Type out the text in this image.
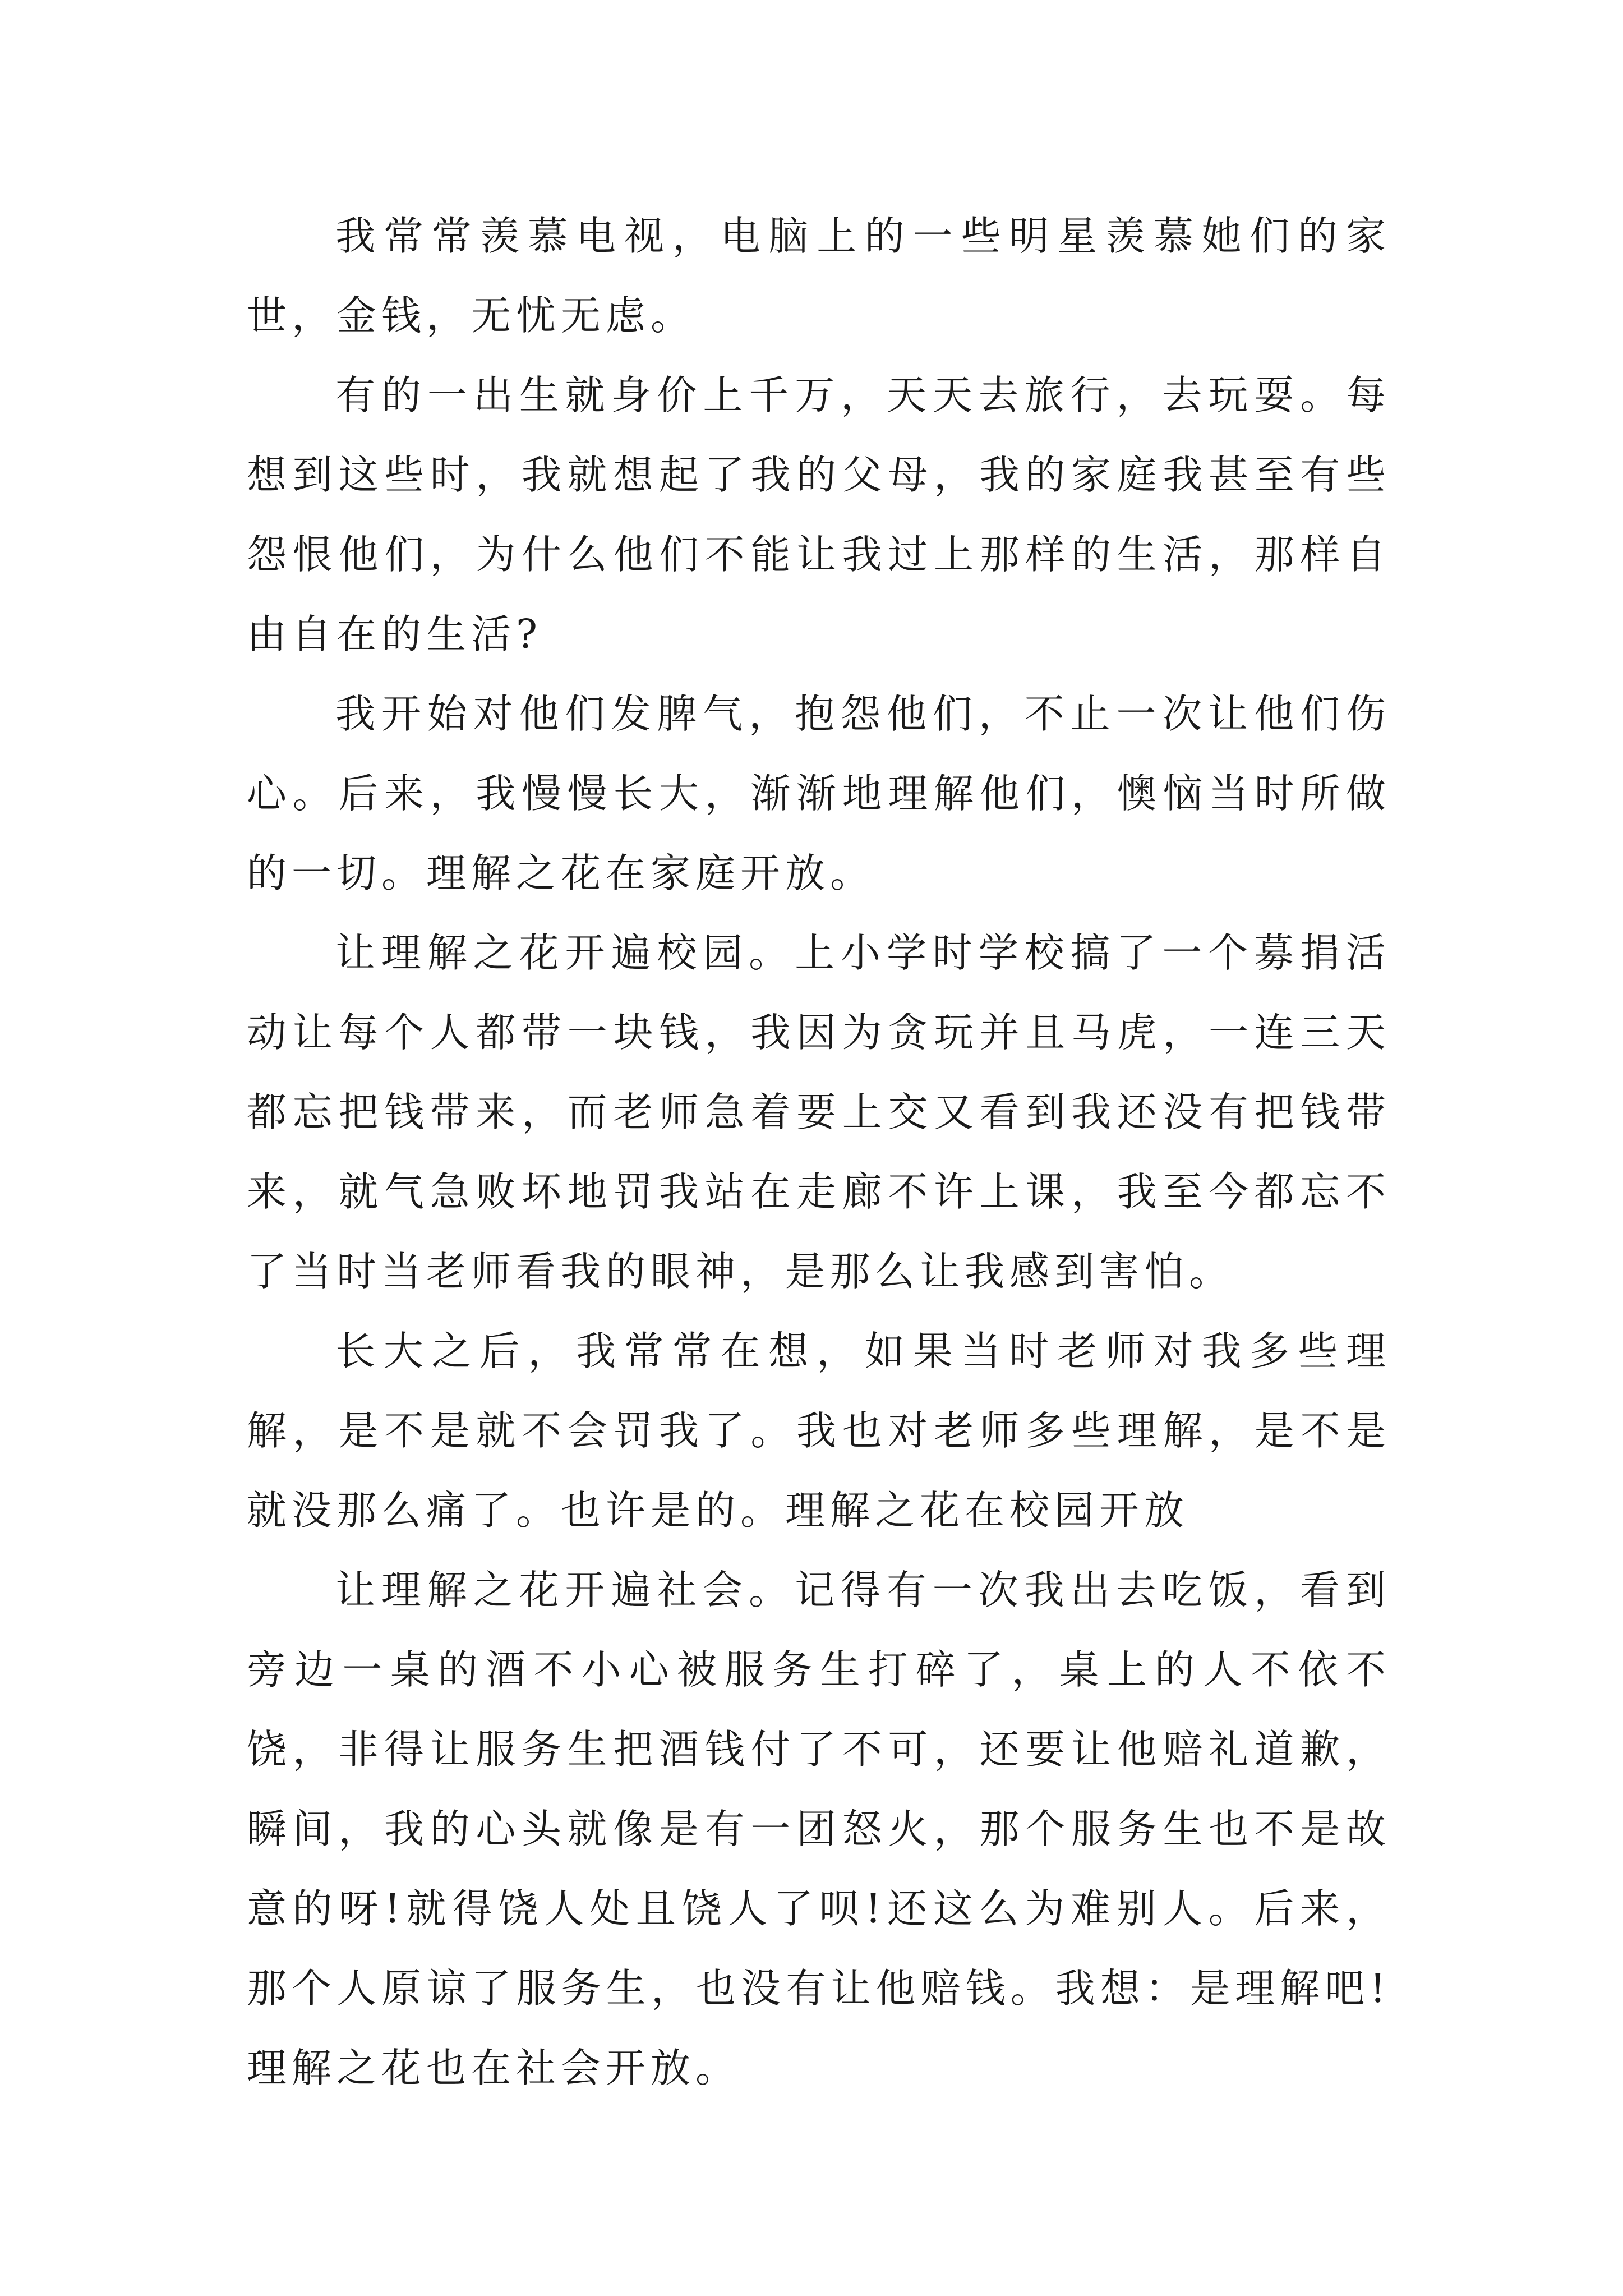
我常常羡慕电视，电脑上的一些明星羡慕她们的家世，金钱，无忧无虑。

有的一出生就身价上千万，天天去旅行，去玩耍。每想到这些时，我就想起了我的父母，我的家庭我甚至有些怨恨他们，为什么他们不能让我过上那样的生活，那样自由自在的生活?

我开始对他们发脾气，抱怨他们，不止一次让他们伤心。后来，我慢慢长大，渐渐地理解他们，懊恼当时所做的一切。理解之花在家庭开放。

让理解之花开遍校园。上小学时学校搞了一个募捐活动让每个人都带一块钱，我因为贪玩并且马虎，一连三天都忘把钱带来，而老师急着要上交又看到我还没有把钱带来，就气急败坏地罚我站在走廊不许上课，我至今都忘不了当时当老师看我的眼神，是那么让我感到害怕。

长大之后，我常常在想，如果当时老师对我多些理解，是不是就不会罚我了。我也对老师多些理解，是不是就没那么痛了。也许是的。理解之花在校园开放

让理解之花开遍社会。记得有一次我出去吃饭，看到旁边一桌的酒不小心被服务生打碎了，桌上的人不依不饶，非得让服务生把酒钱付了不可，还要让他赔礼道歉，瞬间，我的心头就像是有一团怒火，那个服务生也不是故意的呀!就得饶人处且饶人了呗!还这么为难别人。后来，那个人原谅了服务生，也没有让他赔钱。我想：是理解吧!理解之花也在社会开放。
